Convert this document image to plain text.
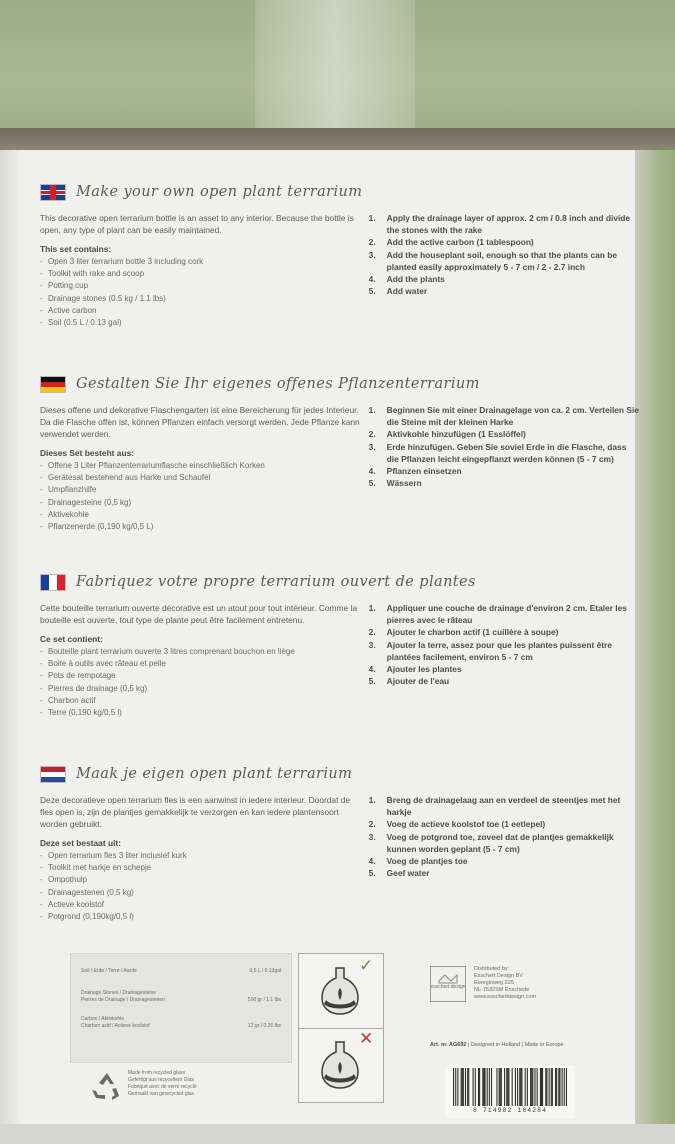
Make your own open plant terrarium

This decorative open terrarium bottle is an asset to any interior. Because the bottle is open, any type of plant can be easily maintained.

This set contains:

- Open 3 liter terrarium bottle 3 including cork
- Toolkit with rake and scoop
- Potting cup
- Drainage stones (0.5 kg / 1.1 lbs)
- Active carbon
- Soil (0.5 L / 0.13 gal)
1.	Apply the drainage layer of approx. 2 cm / 0.8 inch and divide the stones with the rake
2.	Add the active carbon (1 tablespoon)
3.	Add the houseplant soil, enough so that the plants can be planted easily approximately 5 - 7 cm / 2 - 2.7 inch
4.	Add the plants
5.	Add water
Gestalten Sie Ihr eigenes offenes Pflanzenterrarium

Dieses offene und dekorative Flaschengarten ist eine Bereicherung für jedes Interieur. Da die Flasche offen ist, können Pflanzen einfach versorgt werden. Jede Pflanze kann verwendet werden.

Dieses Set besteht aus:

- Offene 3 Liter Pflanzenterrariumflasche einschließlich Korken
- Gerätesat bestehend aus Harke und Schaufel
- Umpflanzhilfe
- Drainagesteine (0,5 kg)
- Aktivekohle
- Pflanzenerde (0,190 kg/0,5 L)
1.	Beginnen Sie mit einer Drainagelage von ca. 2 cm. Verteilen Sie die Steine mit der kleinen Harke
2.	Aktivkohle hinzufügen (1 Esslöffel)
3.	Erde hinzufügen. Geben Sie soviel Erde in die Flasche, dass die Pflanzen leicht eingepflanzt werden können (5 - 7 cm)
4.	Pflanzen einsetzen
5.	Wässern
Fabriquez votre propre terrarium ouvert de plantes

Cette bouteille terrarium ouverte décorative est un atout pour tout intérieur. Comme la bouteille est ouverte, tout type de plante peut être facilement entretenu.

Ce set contient:

- Bouteille plant terrarium ouverte 3 litres comprenant bouchon en liège
- Boite à outils avec râteau et pelle
- Pots de rempotage
- Pierres de drainage (0,5 kg)
- Charbon actif
- Terre (0,190 kg/0,5 l)
1.	Appliquer une couche de drainage d'environ 2 cm. Etaler les pierres avec le râteau
2.	Ajouter le charbon actif (1 cuillère à soupe)
3.	Ajouter la terre, assez pour que les plantes puissent être plantées facilement, environ 5 - 7 cm
4.	Ajouter les plantes
5.	Ajouter de l'eau
Maak je eigen open plant terrarium

Deze decoratieve open terrarium fles is een aanwinst in iedere interieur. Doordat de fles open is, zijn de plantjes gemakkelijk te verzorgen en kan iedere plantensoort worden gebruikt.

Deze set bestaat uit:

- Open terrarium fles 3 liter inclusief kurk
- Toolkit met harkje en schepje
- Ompothulp
- Drainagestenen (0,5 kg)
- Actieve koolstof
- Potgrond (0,190kg/0,5 l)
1.	Breng de drainagelaag aan en verdeel de steentjes met het harkje
2.	Voeg de actieve koolstof toe (1 eetlepel)
3.	Voeg de potgrond toe, zoveel dat de plantjes gemakkelijk kunnen worden geplant (5 - 7 cm)
4.	Voeg de plantjes toe
5.	Geef water
Soil / Erde / Terre / Aarde	0,5 L / 0.13gal
Drainage Stones / Drainagesteine
Pierres de Drainage / Drainagestenen	500 gr / 1.1 lbs
Carbon / Aktivkohle
Charbon actif / Actieve koolstof	12 gr / 0.26 lbs
Made from recycled glass
Gefertigt aus recyceltem Glas
Fabriqué avec de verre recyclé
Gemaakt van gerecycled glas
✓
✕
esschert design
Distributed by:
Esschert Design BV
Euregioweg 225
NL-7532SM Enschede
www.esschertdesign.com
Art. nr. AG692 | Designed in Holland | Made in Europe
8 714982 184284
